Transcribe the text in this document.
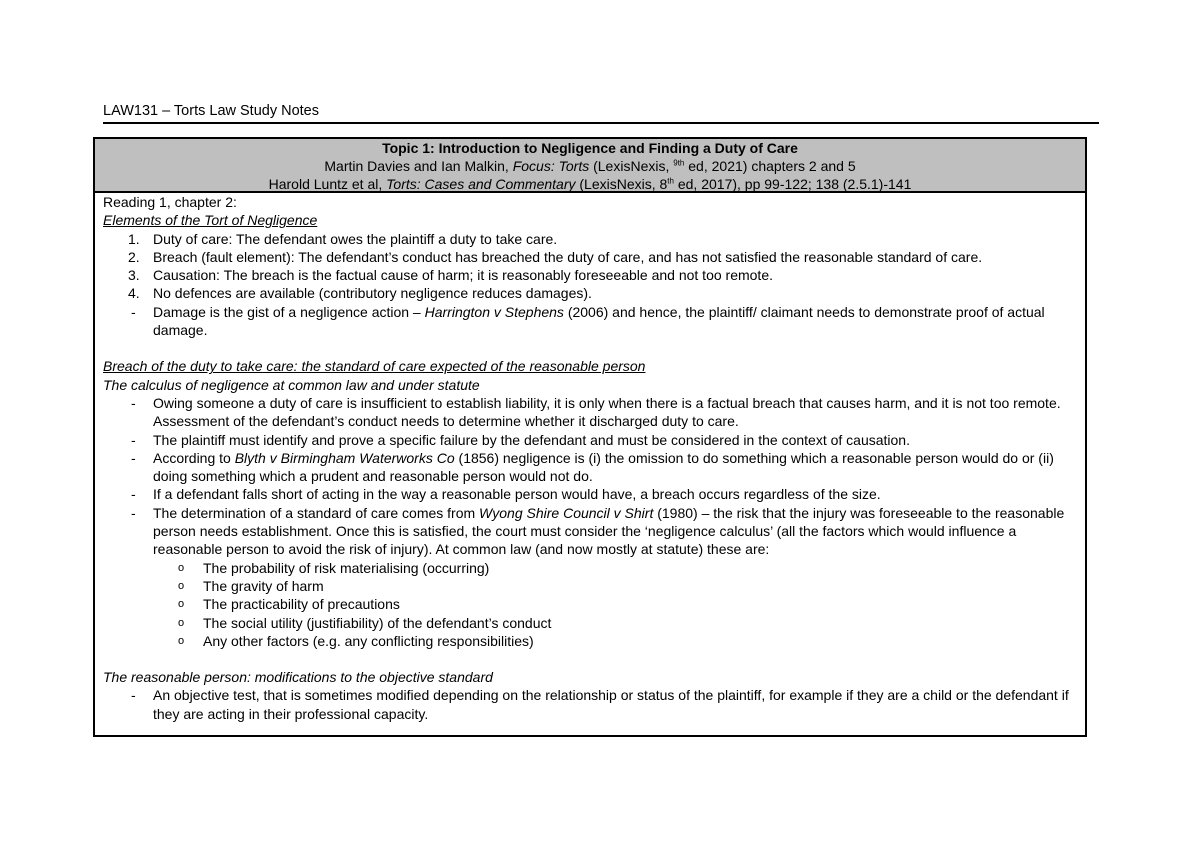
LAW131 – Torts Law Study Notes
Topic 1: Introduction to Negligence and Finding a Duty of Care
Martin Davies and Ian Malkin, Focus: Torts (LexisNexis, $^{9th}$ ed, 2021) chapters 2 and 5
Harold Luntz et al, Torts: Cases and Commentary (LexisNexis, 8th ed, 2017), pp 99-122; 138 (2.5.1)-141
Reading 1, chapter 2:
Elements of the Tort of Negligence
1. Duty of care: The defendant owes the plaintiff a duty to take care.
2. Breach (fault element): The defendant’s conduct has breached the duty of care, and has not satisfied the reasonable standard of care.
3. Causation: The breach is the factual cause of harm; it is reasonably foreseeable and not too remote.
4. No defences are available (contributory negligence reduces damages).
- Damage is the gist of a negligence action – Harrington v Stephens (2006) and hence, the plaintiff/ claimant needs to demonstrate proof of actual damage.
Breach of the duty to take care: the standard of care expected of the reasonable person
The calculus of negligence at common law and under statute
- Owing someone a duty of care is insufficient to establish liability, it is only when there is a factual breach that causes harm, and it is not too remote. Assessment of the defendant’s conduct needs to determine whether it discharged duty to care.
- The plaintiff must identify and prove a specific failure by the defendant and must be considered in the context of causation.
- According to Blyth v Birmingham Waterworks Co (1856) negligence is (i) the omission to do something which a reasonable person would do or (ii) doing something which a prudent and reasonable person would not do.
- If a defendant falls short of acting in the way a reasonable person would have, a breach occurs regardless of the size.
- The determination of a standard of care comes from Wyong Shire Council v Shirt (1980) – the risk that the injury was foreseeable to the reasonable person needs establishment. Once this is satisfied, the court must consider the ‘negligence calculus’ (all the factors which would influence a reasonable person to avoid the risk of injury). At common law (and now mostly at statute) these are:
o The probability of risk materialising (occurring)
o The gravity of harm
o The practicability of precautions
o The social utility (justifiability) of the defendant’s conduct
o Any other factors (e.g. any conflicting responsibilities)
The reasonable person: modifications to the objective standard
- An objective test, that is sometimes modified depending on the relationship or status of the plaintiff, for example if they are a child or the defendant if they are acting in their professional capacity.
